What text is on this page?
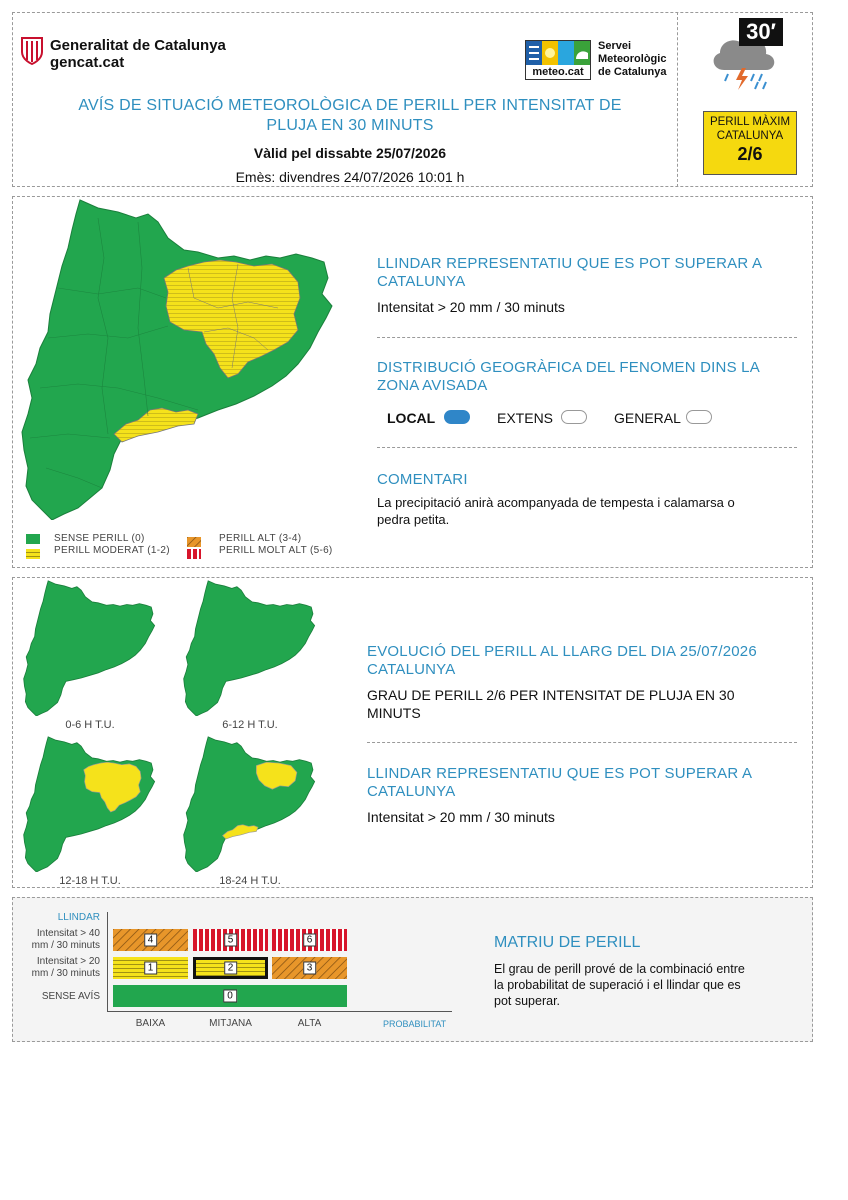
Generalitat de Catalunya
gencat.cat
meteo.cat
Servei
Meteorològic
de Catalunya
AVÍS DE SITUACIÓ METEOROLÒGICA DE PERILL PER INTENSITAT DE
PLUJA EN 30 MINUTS
Vàlid pel dissabte 25/07/2026
Emès: divendres 24/07/2026 10:01 h
30′
PERILL MÀXIM
CATALUNYA
2/6
SENSE PERILL (0)
PERILL MODERAT (1-2)
PERILL ALT (3-4)
PERILL MOLT ALT (5-6)
LLINDAR REPRESENTATIU QUE ES POT SUPERAR A
CATALUNYA
Intensitat > 20 mm / 30 minuts
DISTRIBUCIÓ GEOGRÀFICA DEL FENOMEN DINS LA
ZONA AVISADA
LOCAL	EXTENS	GENERAL
COMENTARI
La precipitació anirà acompanyada de tempesta i calamarsa o
pedra petita.
0-6 H T.U.	6-12 H T.U.
12-18 H T.U.	18-24 H T.U.
EVOLUCIÓ DEL PERILL AL LLARG DEL DIA 25/07/2026
CATALUNYA
GRAU DE PERILL 2/6 PER INTENSITAT DE PLUJA EN 30
MINUTS
LLINDAR REPRESENTATIU QUE ES POT SUPERAR A
CATALUNYA
Intensitat > 20 mm / 30 minuts
LLINDAR
Intensitat > 40
mm / 30 minuts
Intensitat > 20
mm / 30 minuts
SENSE AVÍS
4	5	6
1	2	3
0
BAIXA	MITJANA	ALTA	PROBABILITAT
MATRIU DE PERILL
El grau de perill prové de la combinació entre
la probabilitat de superació i el llindar que es
pot superar.
